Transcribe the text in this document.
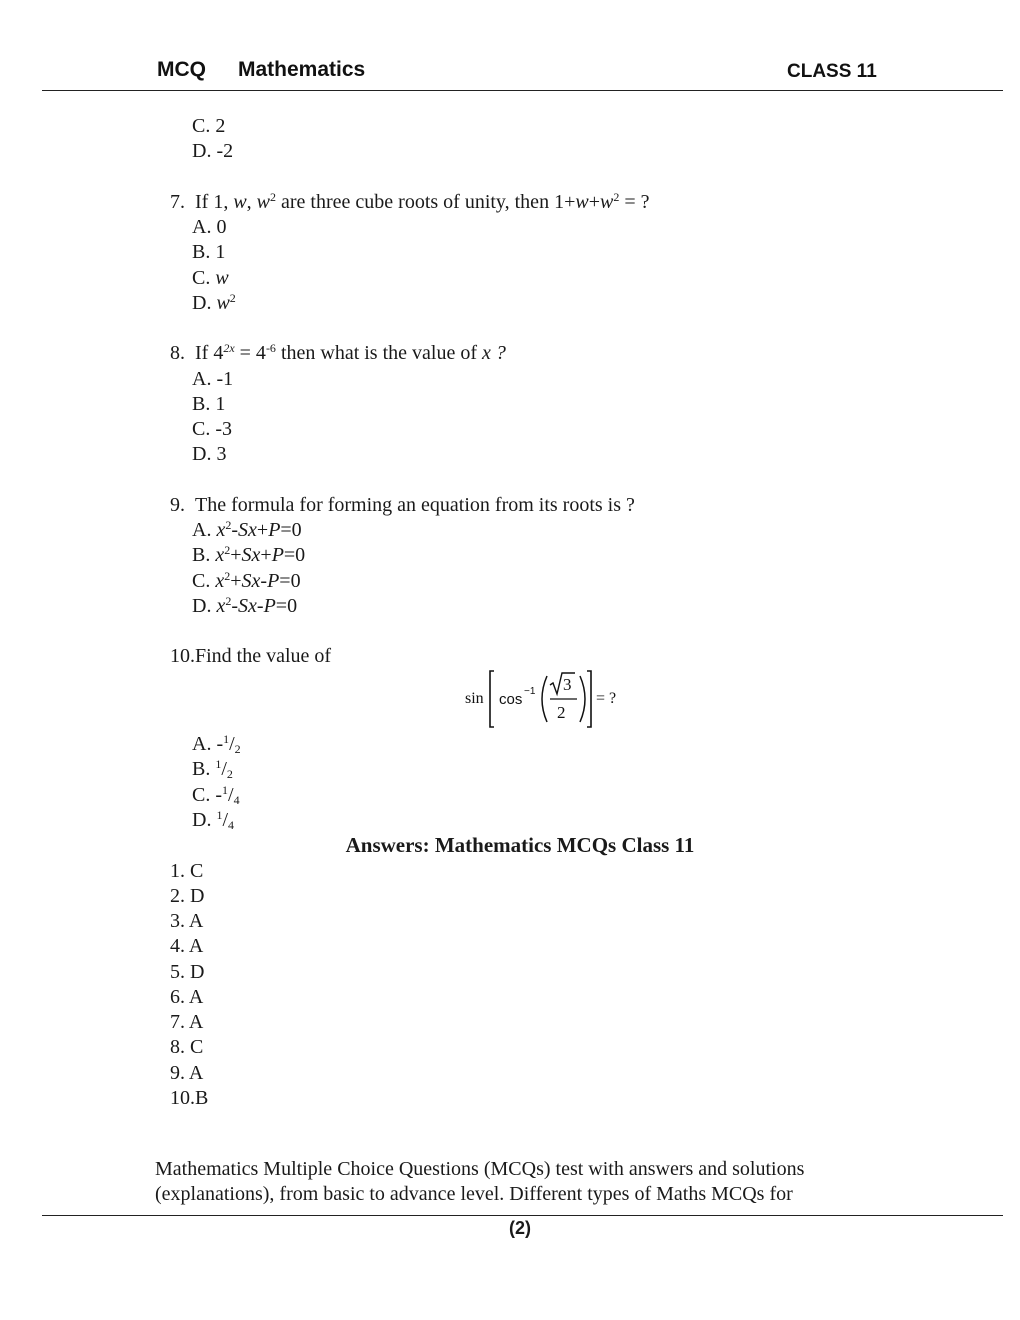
MCQ Mathematics	CLASS 11
C. 2
D. -2
7. If 1, w, $w^2$ are three cube roots of unity, then $1+w+w^2$ = ?
A. 0
B. 1
C. w
D. $w^2$
8. If $4^{2x} = 4^{-6}$ then what is the value of x ?
A. -1
B. 1
C. -3
D. 3
9. The formula for forming an equation from its roots is ?
A. $x^2-Sx+P=0$
B. $x^2+Sx+P=0$
C. $x^2+Sx-P=0$
D. $x^2-Sx-P=0$
10.Find the value of
sin cos −1 3
2
= ?
A. $-^1/_2$
B. $^1/_2$
C. $-^1/_4$
D. $^1/_4$
Answers: Mathematics MCQs Class 11
1. C
2. D
3. A
4. A
5. D
6. A
7. A
8. C
9. A
10.B
Mathematics Multiple Choice Questions (MCQs) test with answers and solutions
(explanations), from basic to advance level. Different types of Maths MCQs for
(2)
